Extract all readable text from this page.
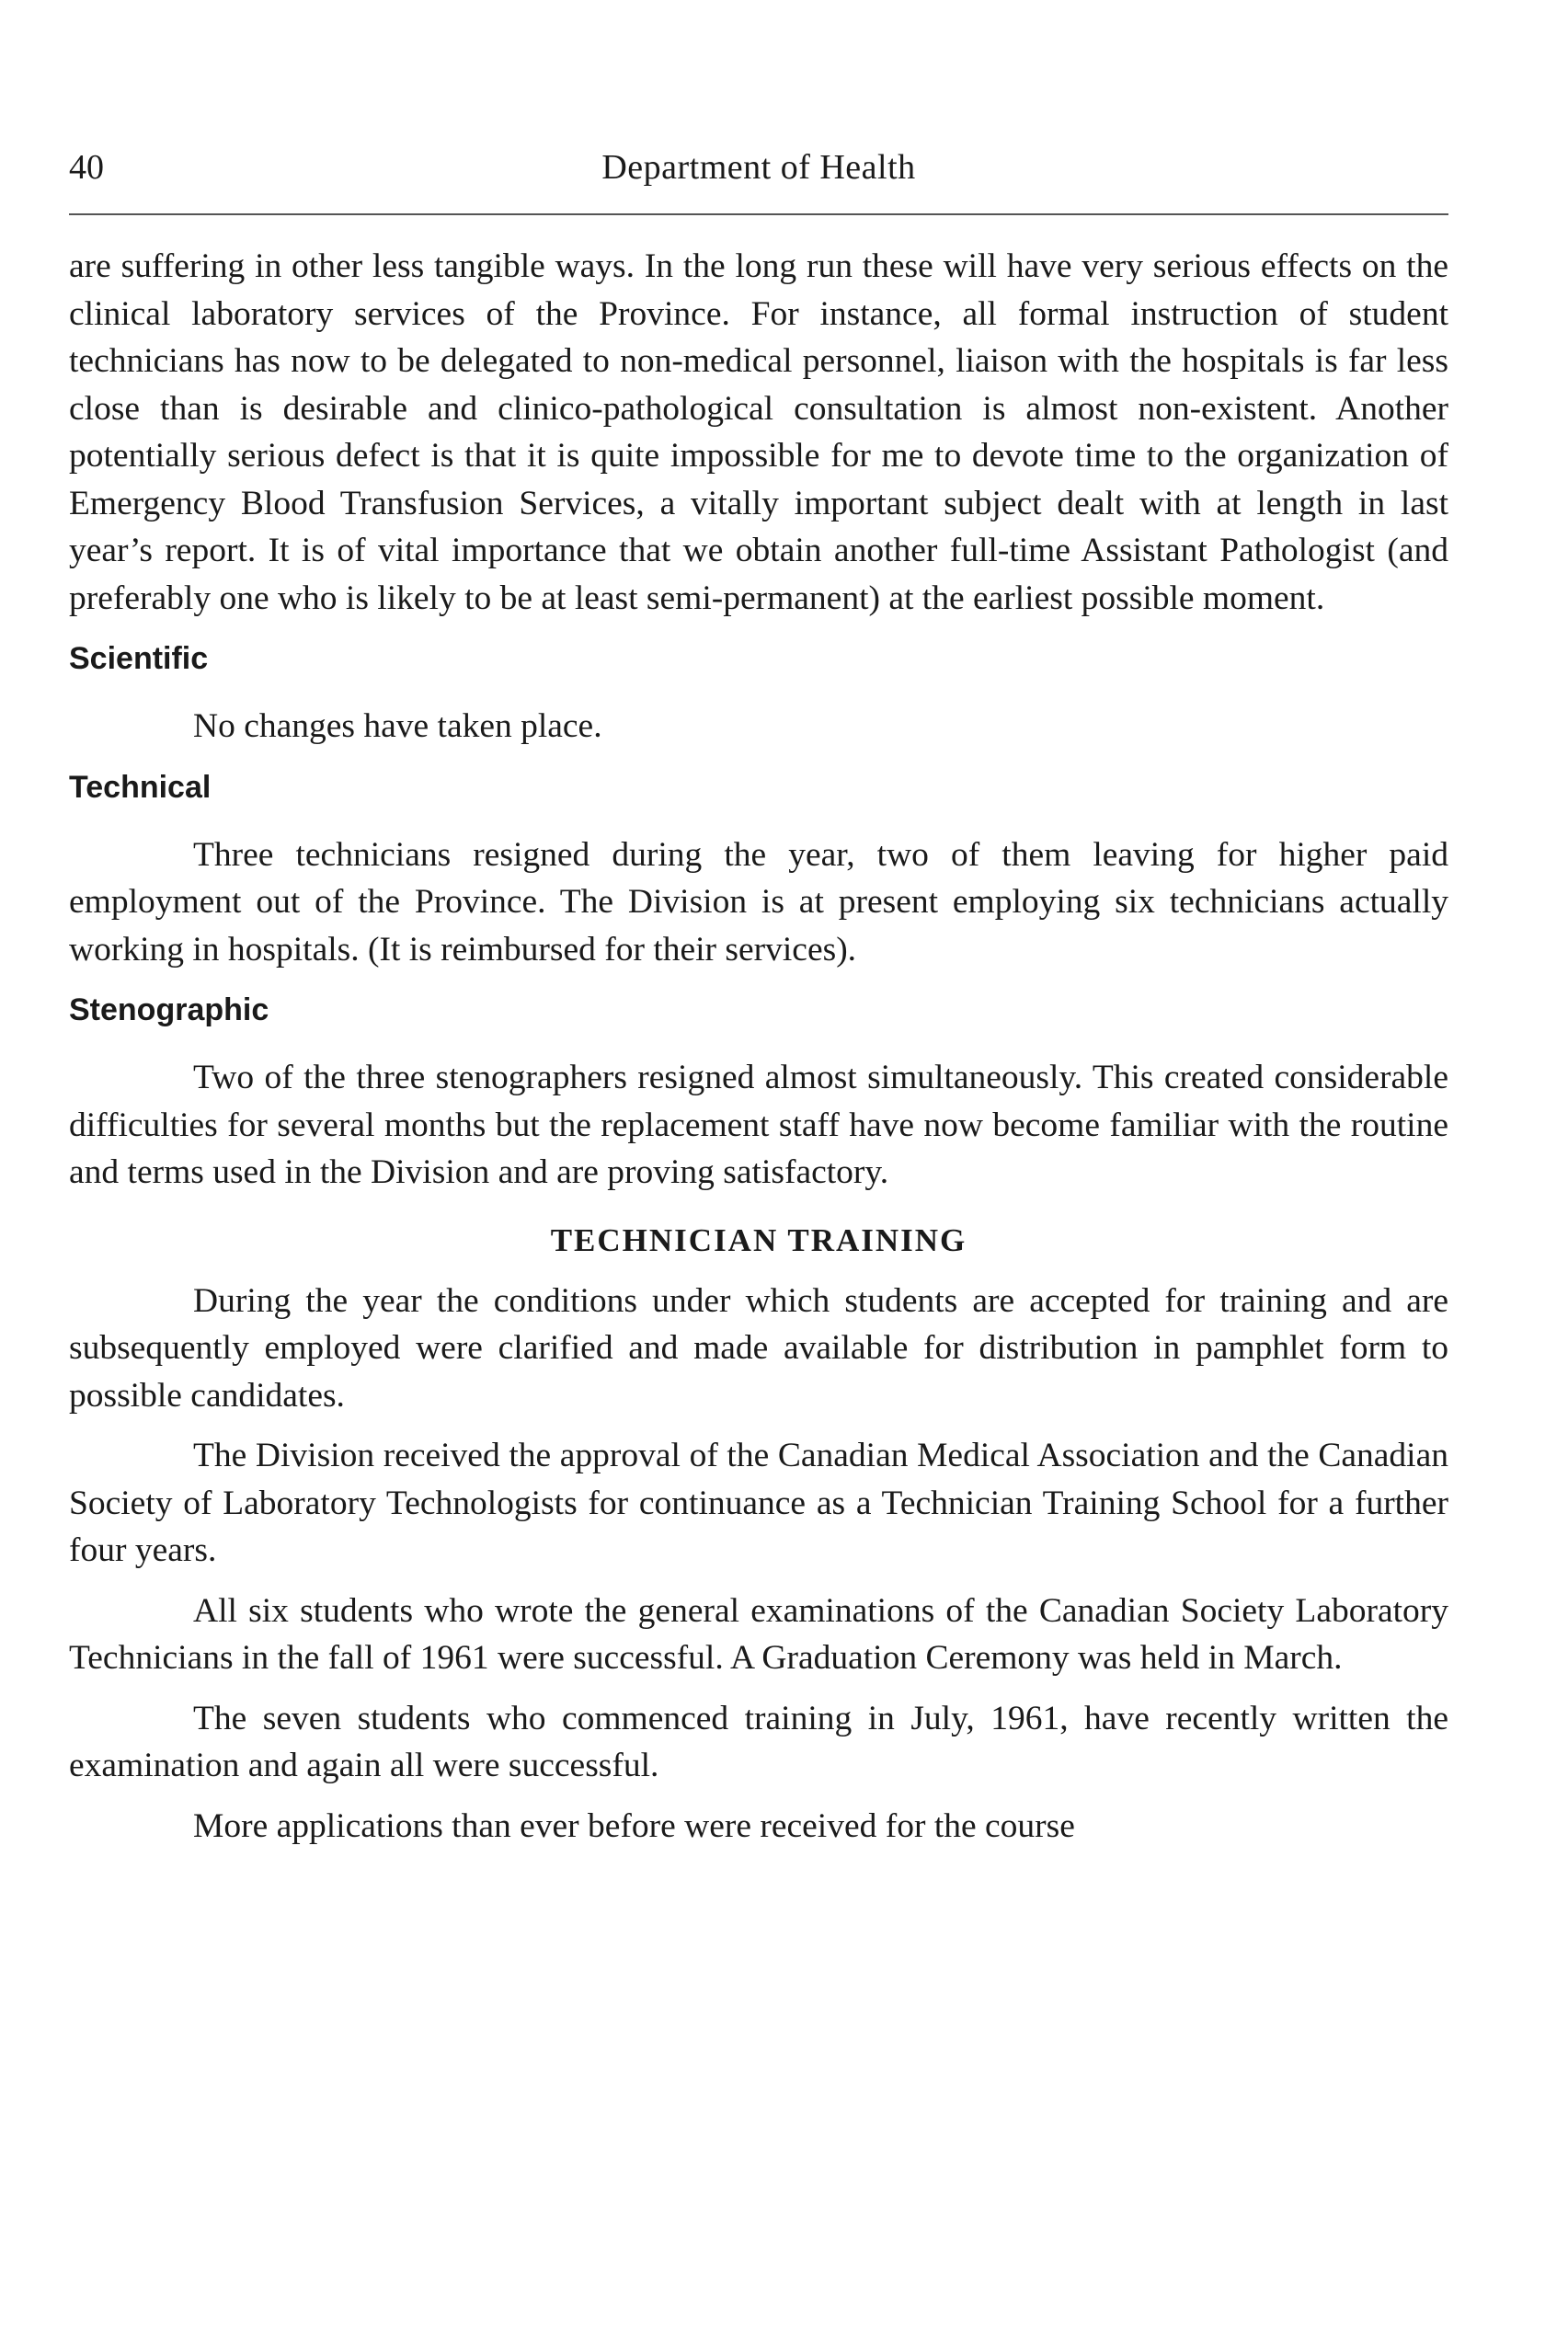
40	Department of Health

are suffering in other less tangible ways. In the long run these will have very serious effects on the clinical laboratory services of the Province. For instance, all formal instruction of student technicians has now to be delegated to non-medical personnel, liaison with the hospitals is far less close than is desirable and clinico-pathological consultation is almost non-existent. Another potentially serious defect is that it is quite impossible for me to devote time to the organization of Emergency Blood Transfusion Services, a vitally important subject dealt with at length in last year’s report. It is of vital importance that we obtain another full-time Assistant Pathologist (and preferably one who is likely to be at least semi-permanent) at the earliest possible moment.

Scientific

No changes have taken place.

Technical

Three technicians resigned during the year, two of them leaving for higher paid employment out of the Province. The Division is at present employing six technicians actually working in hospitals. (It is reimbursed for their services).

Stenographic

Two of the three stenographers resigned almost simultaneously. This created considerable difficulties for several months but the replacement staff have now become familiar with the routine and terms used in the Division and are proving satisfactory.

TECHNICIAN TRAINING

During the year the conditions under which students are accepted for training and are subsequently employed were clarified and made available for distribution in pamphlet form to possible candidates.

The Division received the approval of the Canadian Medical Association and the Canadian Society of Laboratory Technologists for continuance as a Technician Training School for a further four years.

All six students who wrote the general examinations of the Canadian Society Laboratory Technicians in the fall of 1961 were successful. A Graduation Ceremony was held in March.

The seven students who commenced training in July, 1961, have recently written the examination and again all were successful.

More applications than ever before were received for the course
